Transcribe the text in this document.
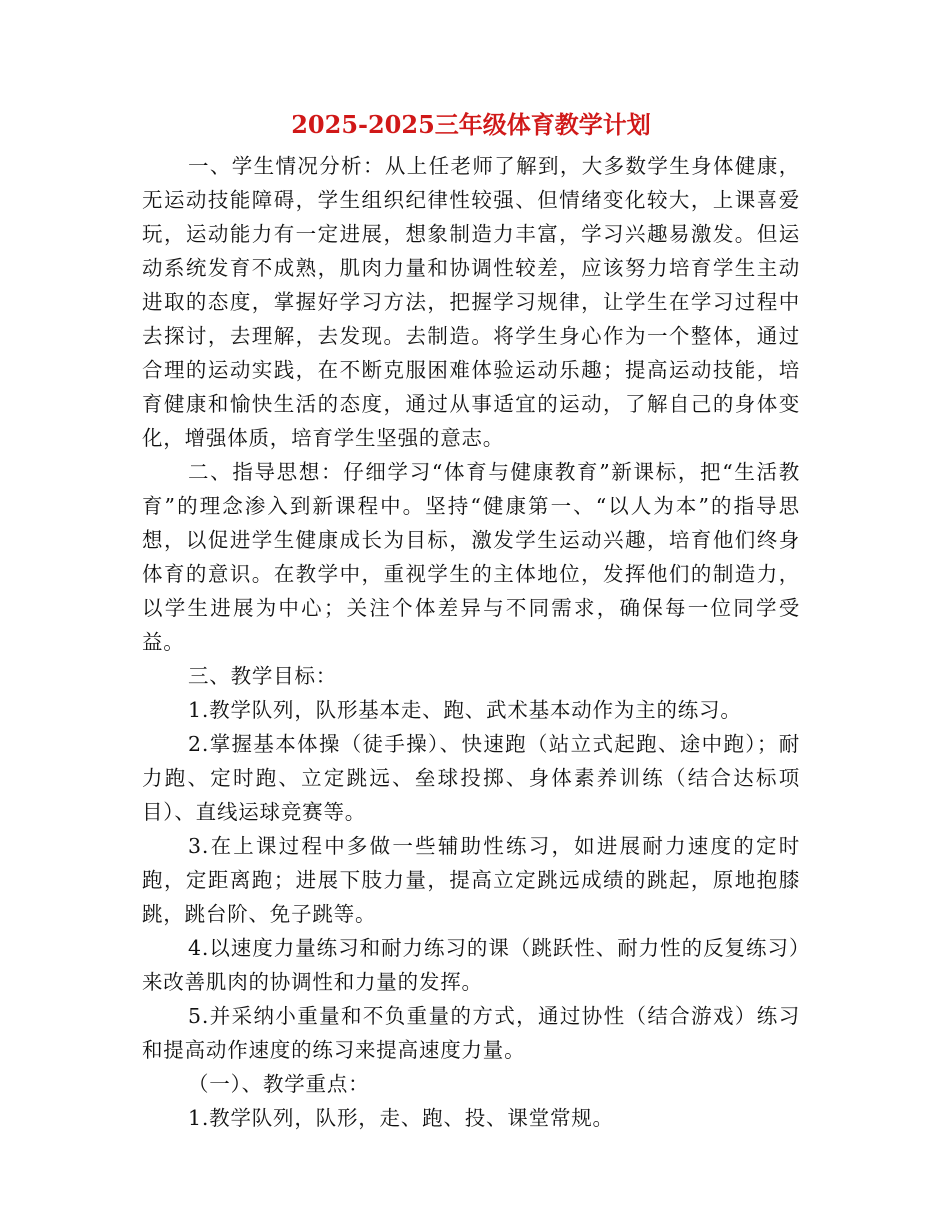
2025-2025三年级体育教学计划

一、学生情况分析：从上任老师了解到，大多数学生身体健康，无运动技能障碍，学生组织纪律性较强、但情绪变化较大，上课喜爱玩，运动能力有一定进展，想象制造力丰富，学习兴趣易激发。但运动系统发育不成熟，肌肉力量和协调性较差，应该努力培育学生主动进取的态度，掌握好学习方法，把握学习规律，让学生在学习过程中去探讨，去理解，去发现。去制造。将学生身心作为一个整体，通过合理的运动实践，在不断克服困难体验运动乐趣；提高运动技能，培育健康和愉快生活的态度，通过从事适宜的运动，了解自己的身体变化，增强体质，培育学生坚强的意志。

二、指导思想：仔细学习“体育与健康教育”新课标，把“生活教育”的理念渗入到新课程中。坚持“健康第一、“以人为本”的指导思想，以促进学生健康成长为目标，激发学生运动兴趣，培育他们终身体育的意识。在教学中，重视学生的主体地位，发挥他们的制造力，以学生进展为中心；关注个体差异与不同需求，确保每一位同学受益。

三、教学目标：

1.教学队列，队形基本走、跑、武术基本动作为主的练习。

2.掌握基本体操（徒手操）、快速跑（站立式起跑、途中跑）；耐力跑、定时跑、立定跳远、垒球投掷、身体素养训练（结合达标项目）、直线运球竞赛等。

3.在上课过程中多做一些辅助性练习，如进展耐力速度的定时跑，定距离跑；进展下肢力量，提高立定跳远成绩的跳起，原地抱膝跳，跳台阶、免子跳等。

4.以速度力量练习和耐力练习的课（跳跃性、耐力性的反复练习）来改善肌肉的协调性和力量的发挥。

5.并采纳小重量和不负重量的方式，通过协性（结合游戏）练习和提高动作速度的练习来提高速度力量。

（一）、教学重点：

1.教学队列，队形，走、跑、投、课堂常规。
